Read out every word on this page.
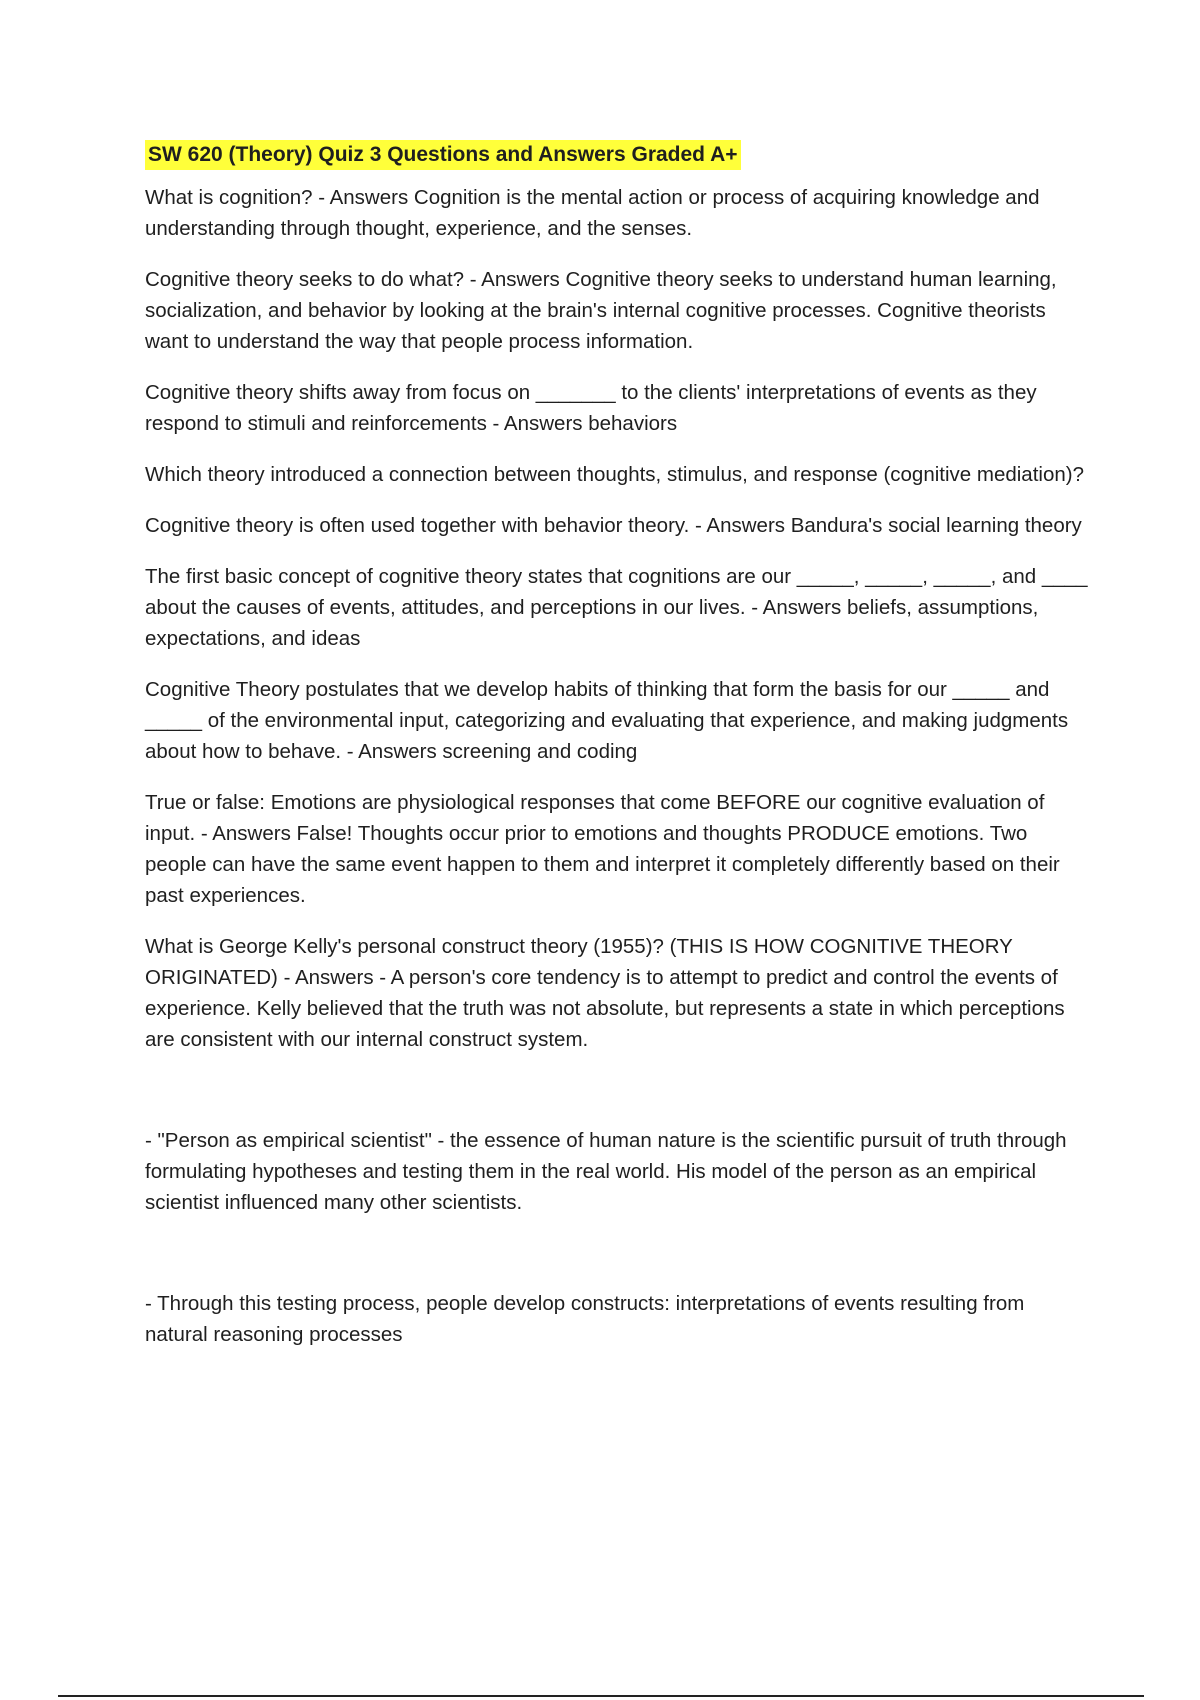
SW 620 (Theory) Quiz 3 Questions and Answers Graded A+

What is cognition? - Answers Cognition is the mental action or process of acquiring knowledge and understanding through thought, experience, and the senses.

Cognitive theory seeks to do what? - Answers Cognitive theory seeks to understand human learning, socialization, and behavior by looking at the brain's internal cognitive processes. Cognitive theorists want to understand the way that people process information.

Cognitive theory shifts away from focus on _______ to the clients' interpretations of events as they respond to stimuli and reinforcements - Answers behaviors

Which theory introduced a connection between thoughts, stimulus, and response (cognitive mediation)?

Cognitive theory is often used together with behavior theory. - Answers Bandura's social learning theory

The first basic concept of cognitive theory states that cognitions are our _____, _____, _____, and ____ about the causes of events, attitudes, and perceptions in our lives. - Answers beliefs, assumptions, expectations, and ideas

Cognitive Theory postulates that we develop habits of thinking that form the basis for our _____ and _____ of the environmental input, categorizing and evaluating that experience, and making judgments about how to behave. - Answers screening and coding

True or false: Emotions are physiological responses that come BEFORE our cognitive evaluation of input. - Answers False! Thoughts occur prior to emotions and thoughts PRODUCE emotions. Two people can have the same event happen to them and interpret it completely differently based on their past experiences.

What is George Kelly's personal construct theory (1955)? (THIS IS HOW COGNITIVE THEORY ORIGINATED) - Answers - A person's core tendency is to attempt to predict and control the events of experience. Kelly believed that the truth was not absolute, but represents a state in which perceptions are consistent with our internal construct system.

- "Person as empirical scientist" - the essence of human nature is the scientific pursuit of truth through formulating hypotheses and testing them in the real world. His model of the person as an empirical scientist influenced many other scientists.

- Through this testing process, people develop constructs: interpretations of events resulting from natural reasoning processes
